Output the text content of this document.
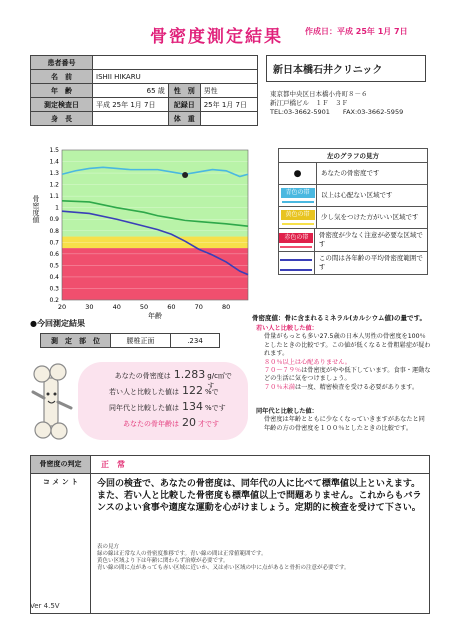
骨密度測定結果	作成日：平成 25年 1月 7日
患者番号			
名　前	ISHII HIKARU		
年　齢	65 歳	性　別	男性
測定検査日	平成 25年 1月 7日	記録日	25年 1月 7日
身　長		体　重	
新日本橋石井クリニック
東京都中央区日本橋小舟町８－６
新江戸橋ビル　１Ｆ　３Ｆ
TEL:03-3662-5901　　FAX:03-3662-5959
0.2
0.3
0.4
0.5
0.6
0.7
0.8
0.9
1
1.1
1.2
1.3
1.4
1.5
20	30	40	50	60	70	80
年齢
骨密度値
左のグラフの見方
●	あなたの骨密度です
青色の帯	以上は心配ない区域です
黄色の帯	少し気をつけた方がいい区域です
赤色の帯	骨密度が少なく注意が必要な区域です
この間は各年齢の平均骨密度範囲です
●今回測定結果
測　定　部　位	腰椎正面	.234
あなたの骨密度は 1.283 g/c㎡です
若い人と比較した値は 122 %で
同年代と比較した値は 134 %です
あなたの骨年齢は 20 才です
骨密度値：骨に含まれるミネラル(カルシウム値)の量です。
若い人と比較した値：
骨量がもっとも多い27.5歳の日本人男性の骨密度を100％としたときの比較です。この値が低くなると骨粗鬆症が疑われます。
８０％以上は心配ありません。
７０～７９％は骨密度がやや低下しています。食事・運動などの生活に気をつけましょう。
７０％未満は一度、精密検査を受ける必要があります。
同年代と比較した値：
骨密度は年齢とともに少なくなっていきますがあなたと同年齢の方の骨密度を１００％としたときの比較です。
骨密度の判定	正　常
コ メ ン ト	今回の検査で、あなたの骨密度は、同年代の人に比べて標準値以上といえます。また、若い人と比較した骨密度も標準値以上で問題ありません。これからもバランスのよい食事や適度な運動を心がけましょう。定期的に検査を受けて下さい。
表の見方
緑の線は正常な人の骨密度推移です。青い線の間は正常値範囲です。
黄色い区域より下は年齢に関わらず治療が必要です。
青い線の間に点があっても赤い区域に近いか、又は赤い区域の中に点があると骨折の注意が必要です。
Ver 4.5V
